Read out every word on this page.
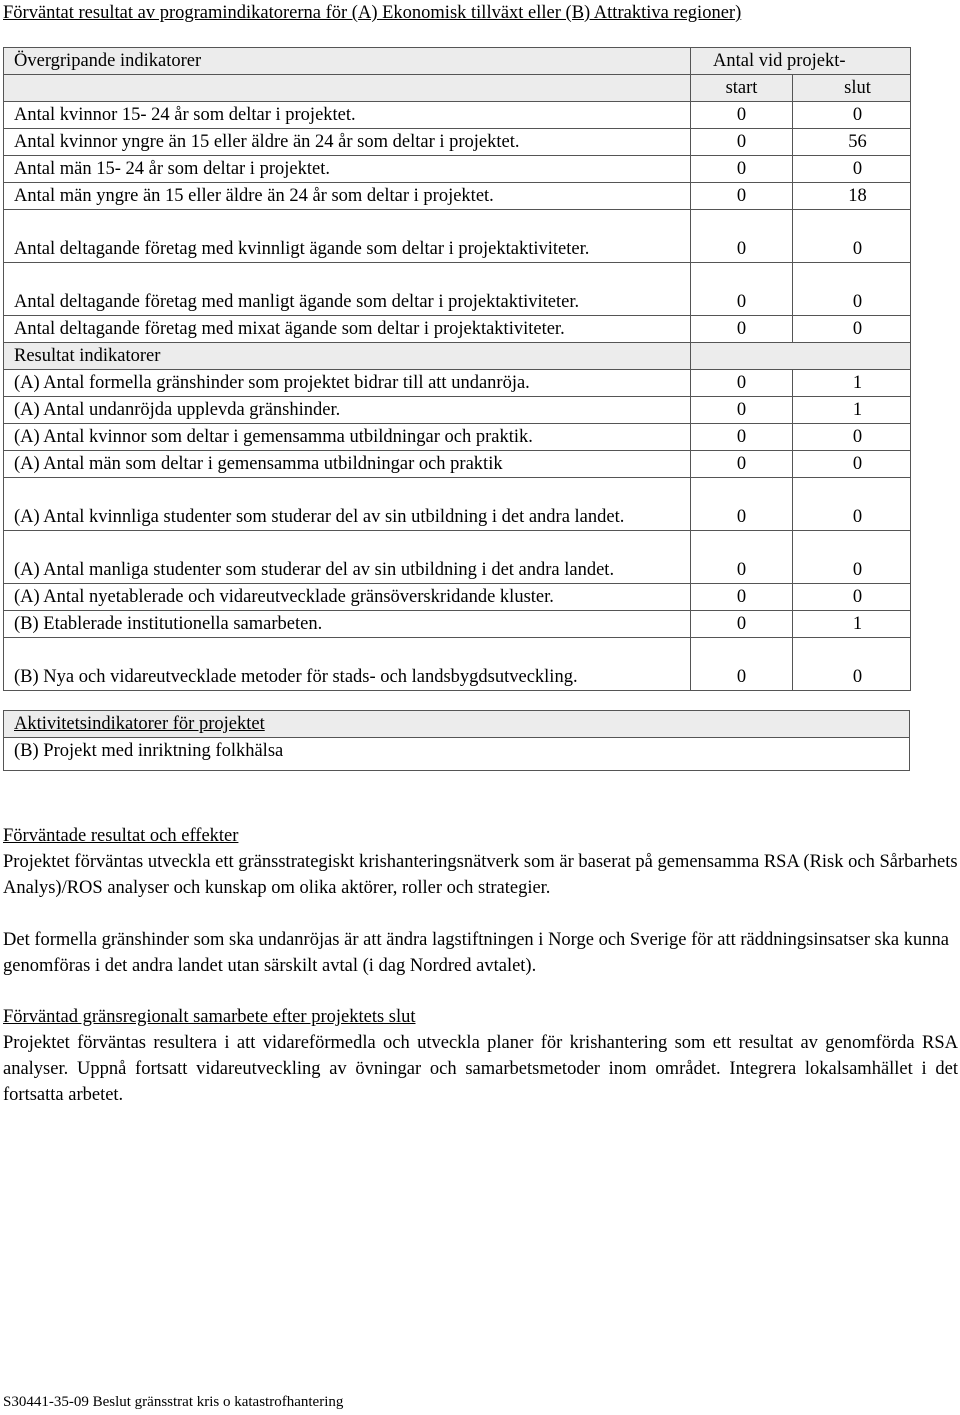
Förväntat resultat av programindikatorerna för (A) Ekonomisk tillväxt eller (B) Attraktiva regioner)
Övergripande indikatorer	Antal vid projekt-	
	start	slut
Antal kvinnor 15- 24 år som deltar i projektet.	0	0
Antal kvinnor yngre än 15 eller äldre än 24 år som deltar i projektet.	0	56
Antal män 15- 24 år som deltar i projektet.	0	0
Antal män yngre än 15 eller äldre än 24 år som deltar i projektet.	0	18
Antal deltagande företag med kvinnligt ägande som deltar i projektaktiviteter.	0	0
Antal deltagande företag med manligt ägande som deltar i projektaktiviteter.	0	0
Antal deltagande företag med mixat ägande som deltar i projektaktiviteter.	0	0
Resultat indikatorer		
(A) Antal formella gränshinder som projektet bidrar till att undanröja.	0	1
(A) Antal undanröjda upplevda gränshinder.	0	1
(A) Antal kvinnor som deltar i gemensamma utbildningar och praktik.	0	0
(A) Antal män som deltar i gemensamma utbildningar och praktik	0	0
(A) Antal kvinnliga studenter som studerar del av sin utbildning i det andra landet.	0	0
(A) Antal manliga studenter som studerar del av sin utbildning i det andra landet.	0	0
(A) Antal nyetablerade och vidareutvecklade gränsöverskridande kluster.	0	0
(B) Etablerade institutionella samarbeten.	0	1
(B) Nya och vidareutvecklade metoder för stads- och landsbygdsutveckling.	0	0
Aktivitetsindikatorer för projektet
(B) Projekt med inriktning folkhälsa
Förväntade resultat och effekter

Projektet förväntas utveckla ett gränsstrategiskt krishanteringsnätverk som är baserat på gemensamma RSA (Risk och Sårbarhets Analys)/ROS analyser och kunskap om olika aktörer, roller och strategier.

Det formella gränshinder som ska undanröjas är att ändra lagstiftningen i Norge och Sverige för att räddningsinsatser ska kunna genomföras i det andra landet utan särskilt avtal (i dag Nordred avtalet).

Förväntad gränsregionalt samarbete efter projektets slut

Projektet förväntas resultera i att vidareförmedla och utveckla planer för krishantering som ett resultat av genomförda RSA analyser. Uppnå fortsatt vidareutveckling av övningar och samarbetsmetoder inom området. Integrera lokalsamhället i det fortsatta arbetet.

S30441-35-09 Beslut gränsstrat kris o katastrofhantering
